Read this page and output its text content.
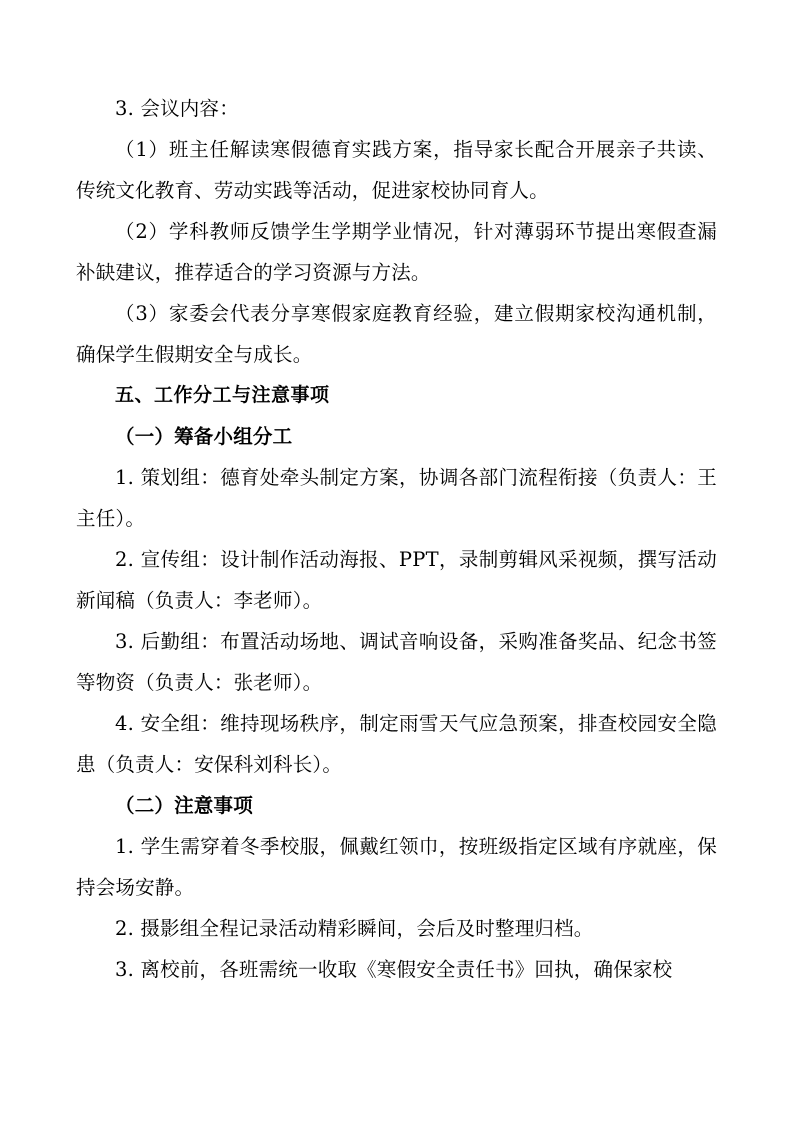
3. 会议内容：

（1）班主任解读寒假德育实践方案，指导家长配合开展亲子共读、传统文化教育、劳动实践等活动，促进家校协同育人。

（2）学科教师反馈学生学期学业情况，针对薄弱环节提出寒假查漏补缺建议，推荐适合的学习资源与方法。

（3）家委会代表分享寒假家庭教育经验，建立假期家校沟通机制，确保学生假期安全与成长。

五、工作分工与注意事项

（一）筹备小组分工

1. 策划组：德育处牵头制定方案，协调各部门流程衔接（负责人：王主任）。

2. 宣传组：设计制作活动海报、PPT，录制剪辑风采视频，撰写活动新闻稿（负责人：李老师）。

3. 后勤组：布置活动场地、调试音响设备，采购准备奖品、纪念书签等物资（负责人：张老师）。

4. 安全组：维持现场秩序，制定雨雪天气应急预案，排查校园安全隐患（负责人：安保科刘科长）。

（二）注意事项

1. 学生需穿着冬季校服，佩戴红领巾，按班级指定区域有序就座，保持会场安静。

2. 摄影组全程记录活动精彩瞬间，会后及时整理归档。

3. 离校前，各班需统一收取《寒假安全责任书》回执，确保家校
